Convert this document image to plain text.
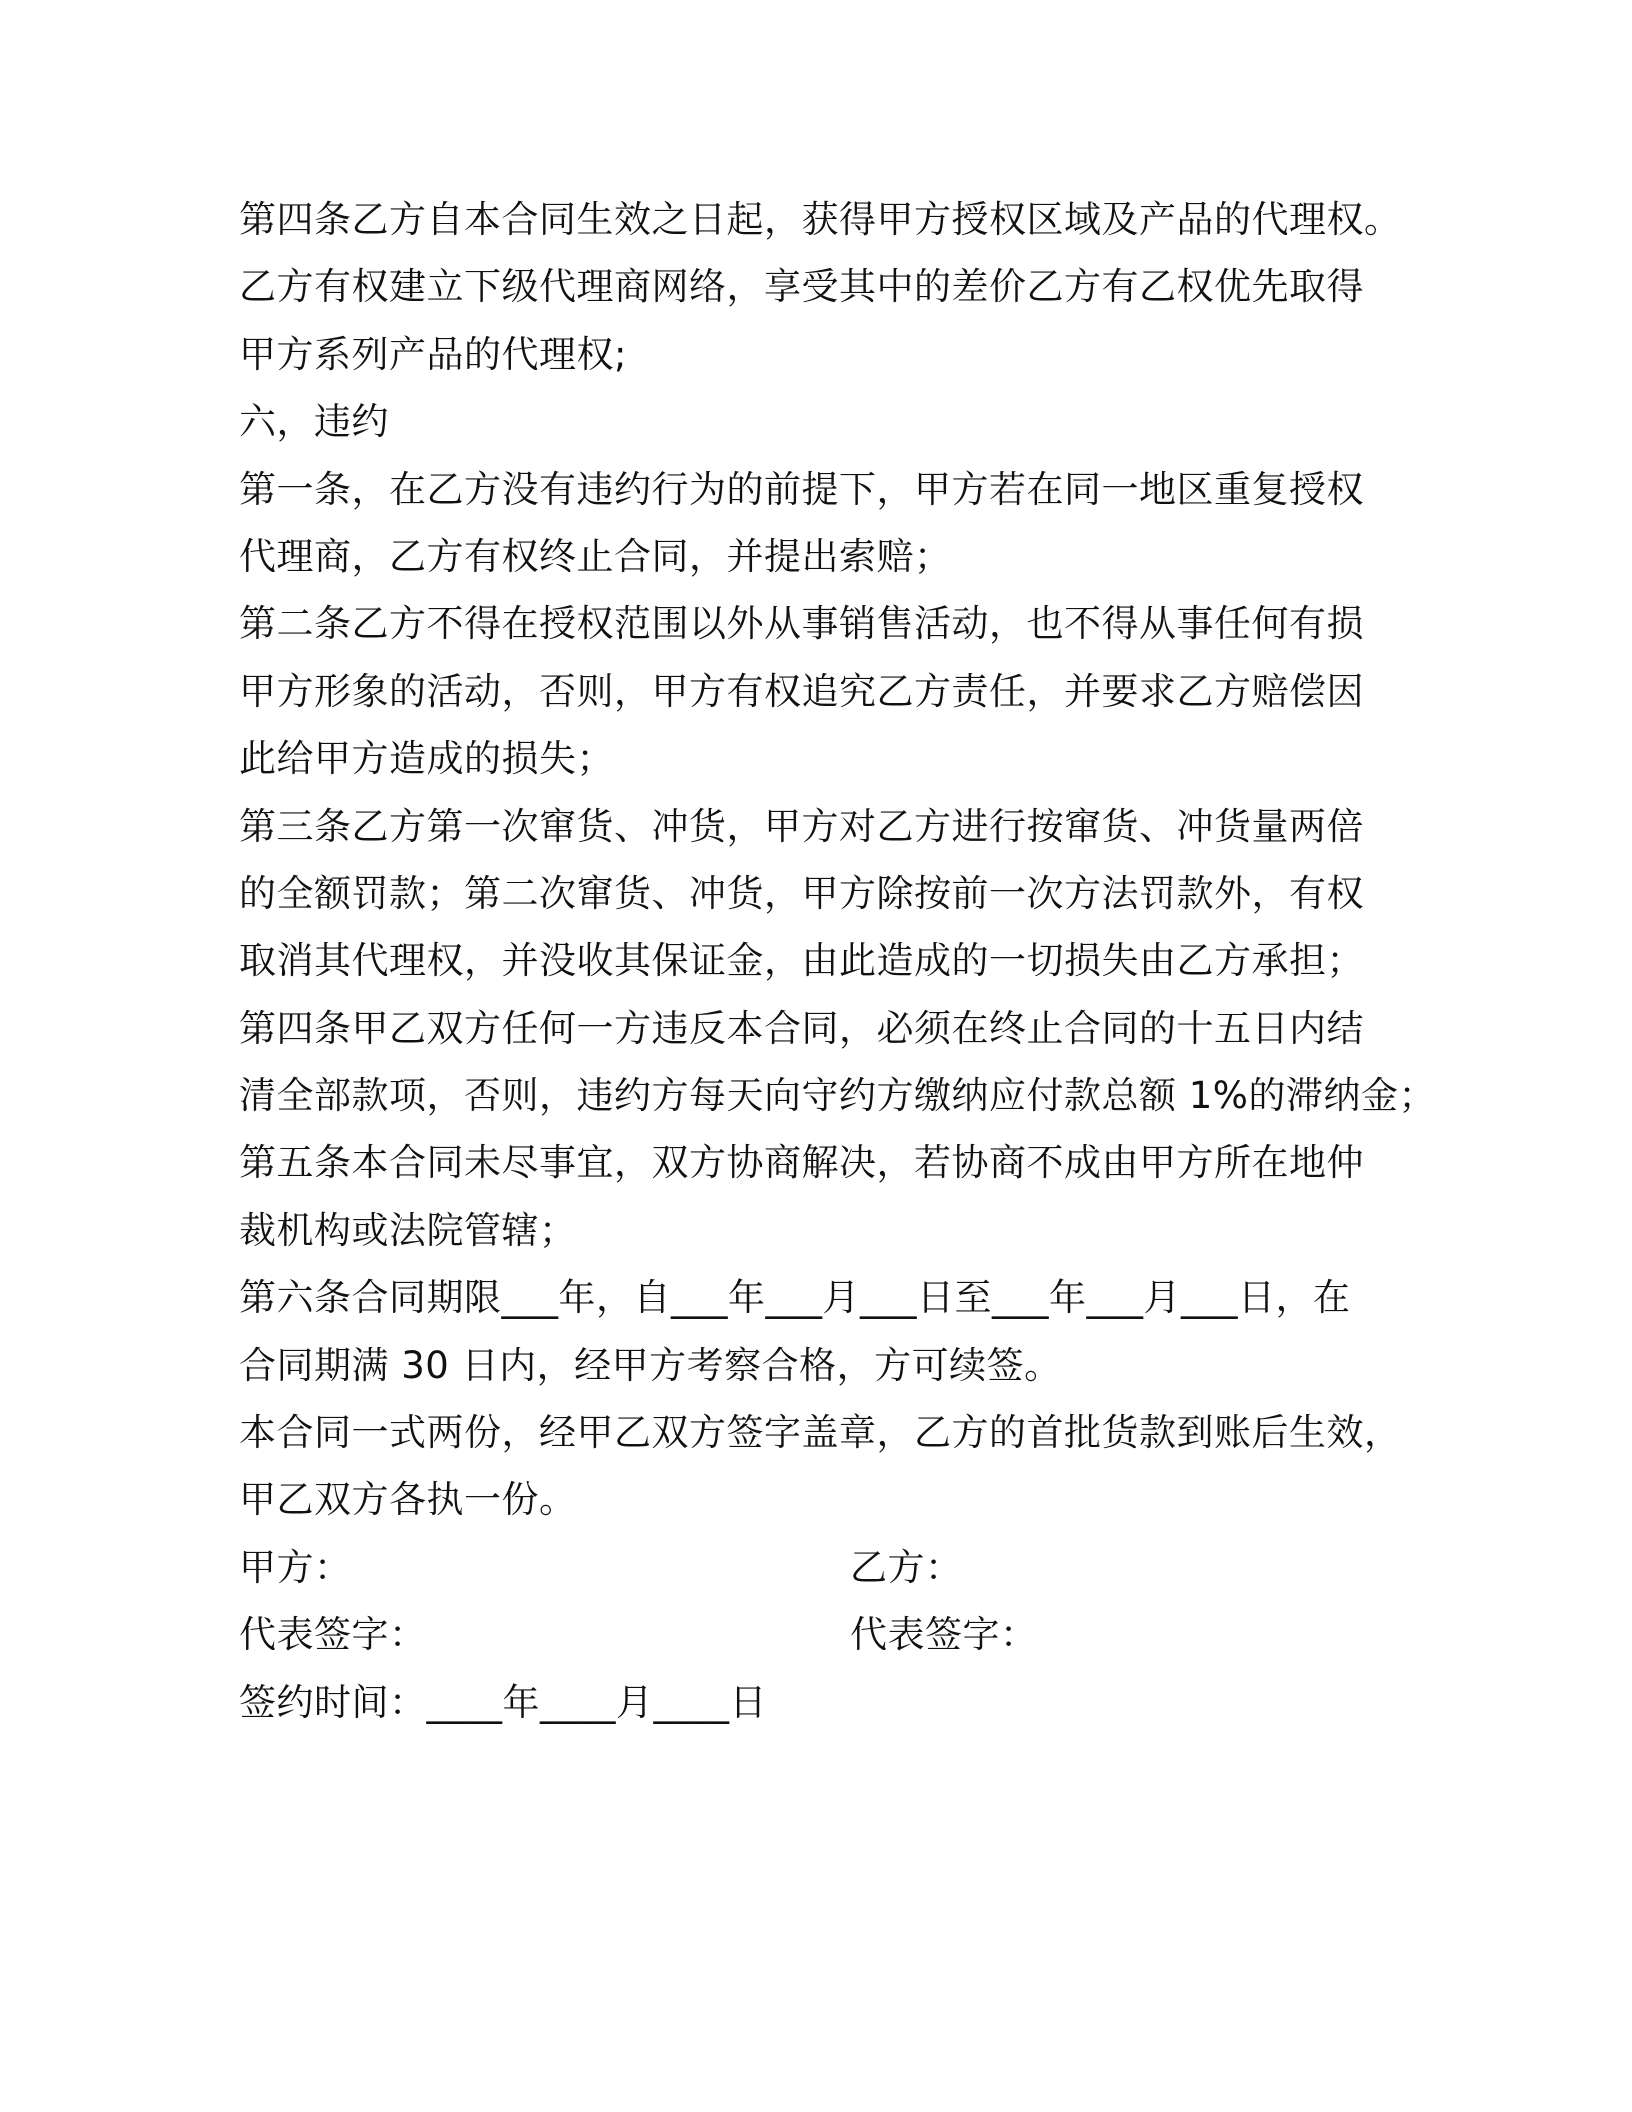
第四条乙方自本合同生效之日起，获得甲方授权区域及产品的代理权。
乙方有权建立下级代理商网络，享受其中的差价乙方有乙权优先取得
甲方系列产品的代理权;
六，违约
第一条，在乙方没有违约行为的前提下，甲方若在同一地区重复授权
代理商，乙方有权终止合同，并提出索赔；
第二条乙方不得在授权范围以外从事销售活动，也不得从事任何有损
甲方形象的活动，否则，甲方有权追究乙方责任，并要求乙方赔偿因
此给甲方造成的损失；
第三条乙方第一次窜货、冲货，甲方对乙方进行按窜货、冲货量两倍
的全额罚款；第二次窜货、冲货，甲方除按前一次方法罚款外，有权
取消其代理权，并没收其保证金，由此造成的一切损失由乙方承担；
第四条甲乙双方任何一方违反本合同，必须在终止合同的十五日内结
清全部款项，否则，违约方每天向守约方缴纳应付款总额 1%的滞纳金；
第五条本合同未尽事宜，双方协商解决，若协商不成由甲方所在地仲
裁机构或法院管辖；
第六条合同期限___年，自___年___月___日至___年___月___日，在
合同期满 30 日内，经甲方考察合格，方可续签。
本合同一式两份，经甲乙双方签字盖章，乙方的首批货款到账后生效，
甲乙双方各执一份。
甲方：	乙方：
代表签字：	代表签字：
签约时间：____年____月____日
